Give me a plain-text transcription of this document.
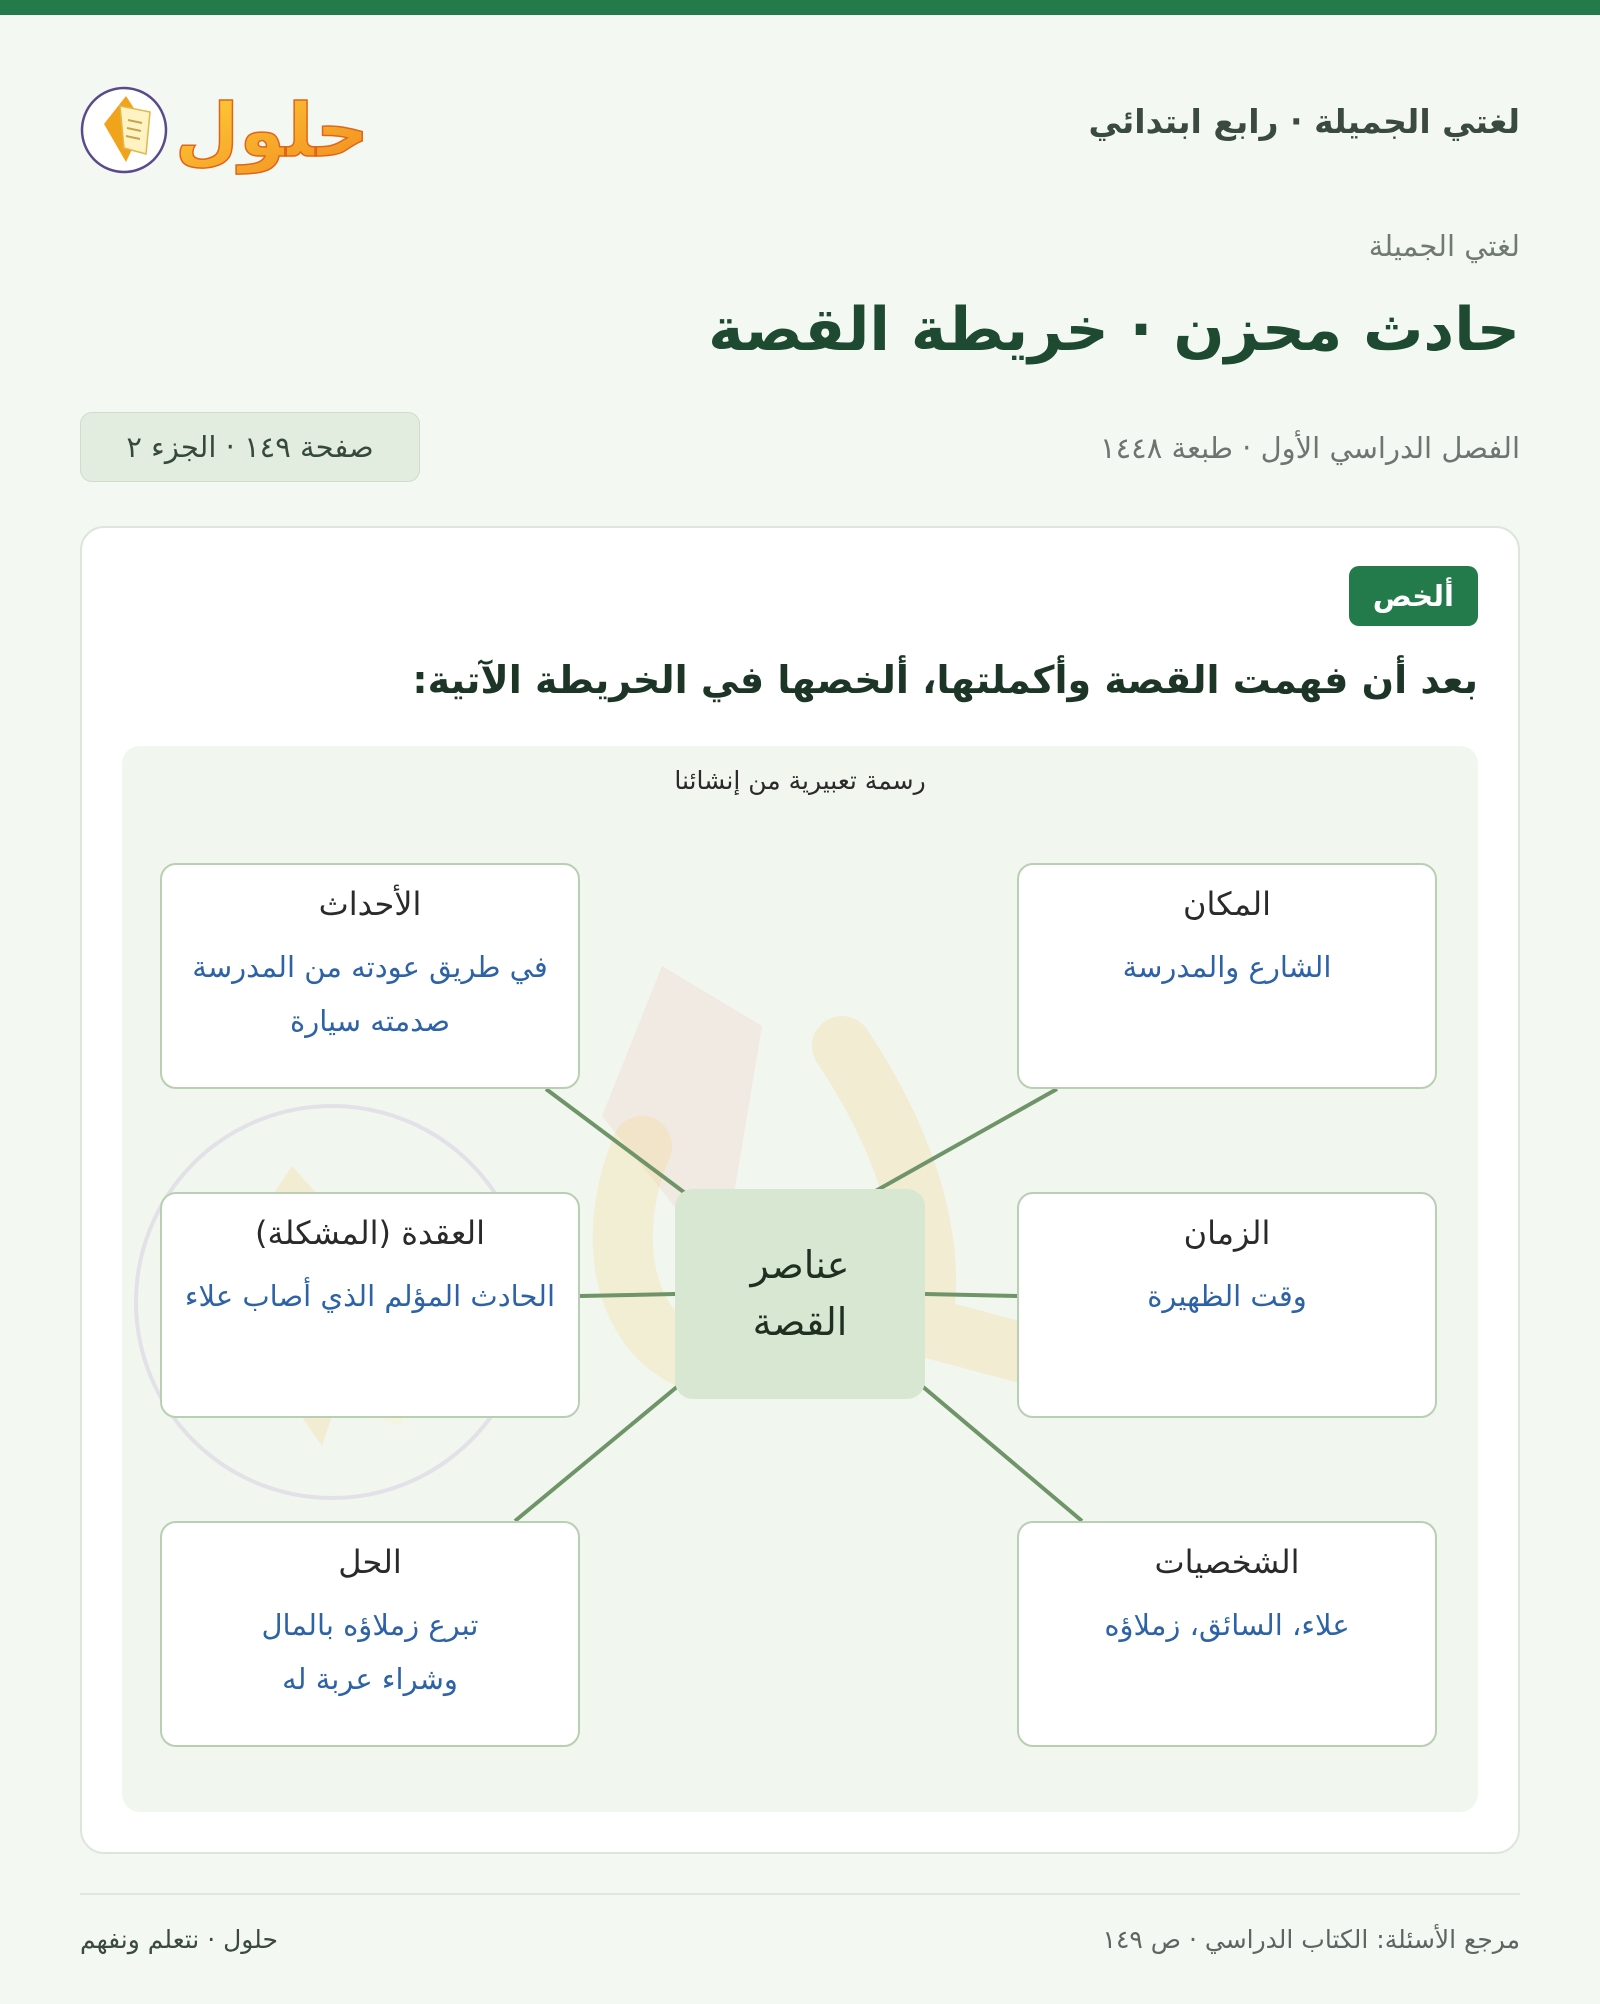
لغتي الجميلة · رابع ابتدائي
حلول
لغتي الجميلة
حادث محزن · خريطة القصة
الفصل الدراسي الأول · طبعة ١٤٤٨
صفحة ١٤٩ · الجزء ٢
ألخص
بعد أن فهمت القصة وأكملتها، ألخصها في الخريطة الآتية:
رسمة تعبيرية من إنشائنا
عناصر
القصة
المكان
الشارع والمدرسة
الأحداث
في طريق عودته من المدرسة
صدمته سيارة
الزمان
وقت الظهيرة
العقدة (المشكلة)
الحادث المؤلم الذي أصاب علاء
الشخصيات
علاء، السائق، زملاؤه
الحل
تبرع زملاؤه بالمال
وشراء عربة له
مرجع الأسئلة: الكتاب الدراسي · ص ١٤٩
حلول · نتعلم ونفهم
